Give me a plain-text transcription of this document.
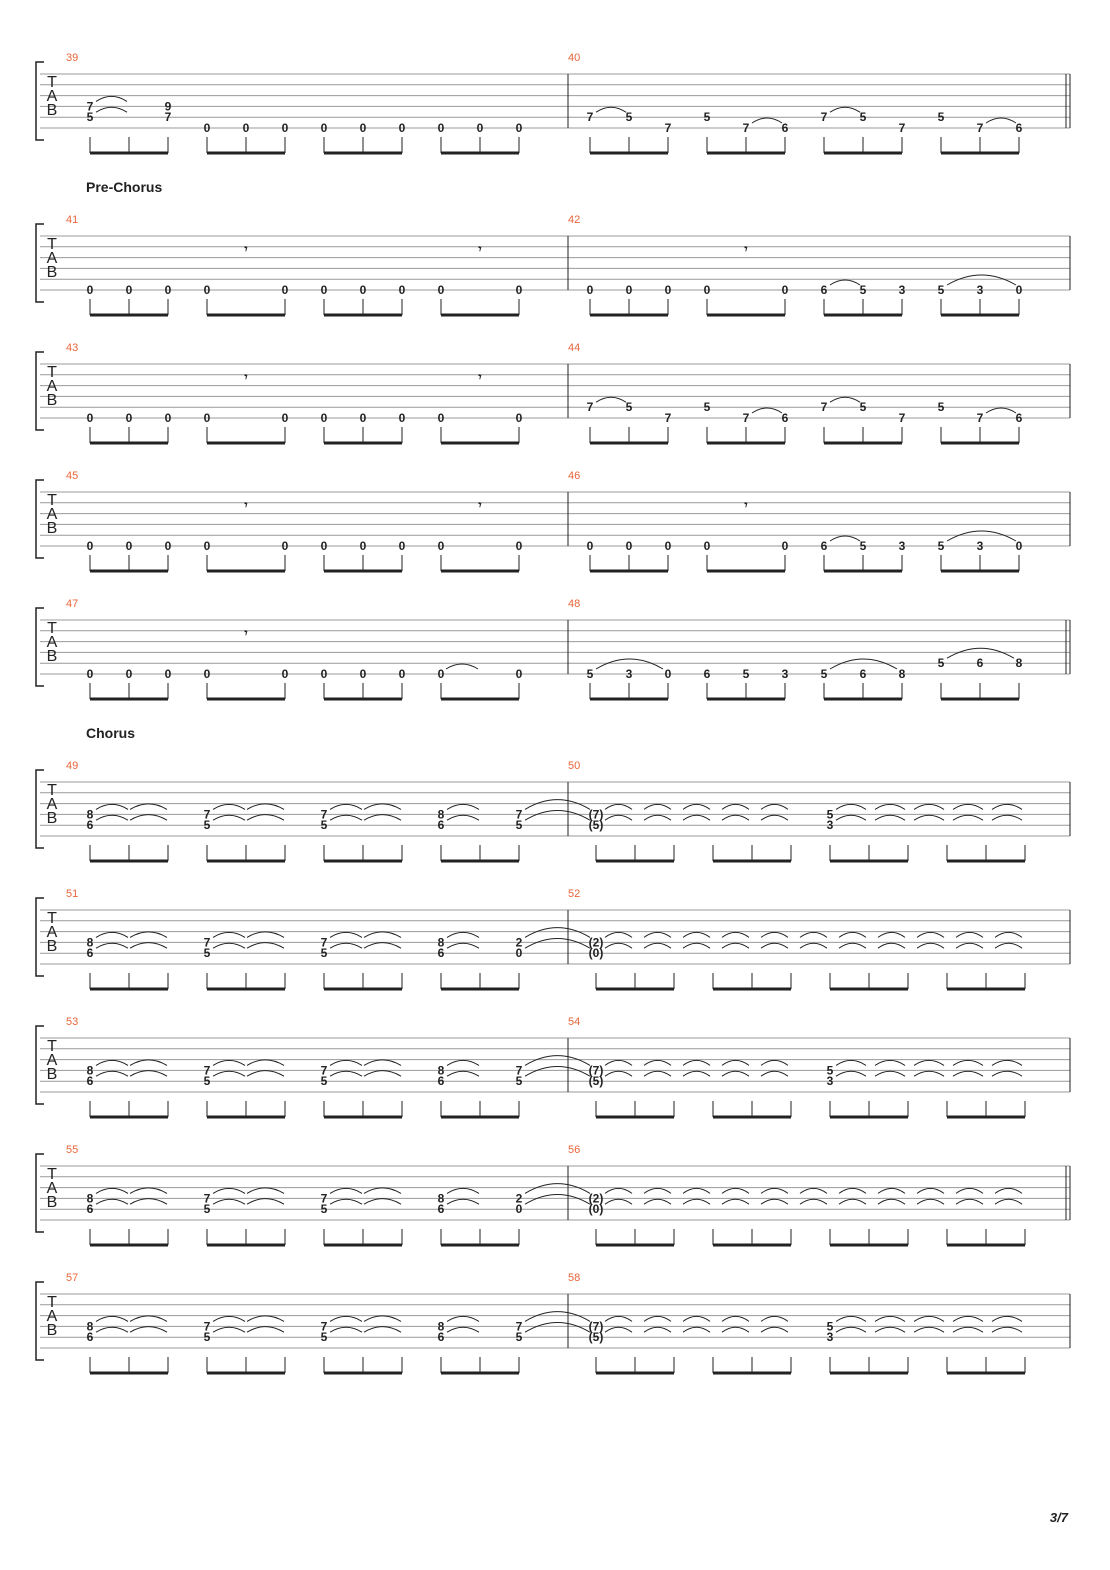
3/7
T
A
B
39	40
Pre-Chorus
T
A
B
41	42
T
A
B
43	44
T
A
B
45	46
T
A
B
47	48
Chorus
T
A
B
49	50
T
A
B
51	52
T
A
B
53	54
T
A
B
55	56
T
A
B
57	58
7
5
9
7
0	0	0	0	0	0	0	0	0
7	5
7
5
7	6
7	5
7
5
7	6
0	0	0	0
𝄾
0	0	0	0	0
𝄾
0	0	0	0	0
𝄾
0	6	5	3	5	3	0
0	0	0	0
𝄾
0	0	0	0	0
𝄾
0
7	5
7
5
7	6
7	5
7
5
7	6
0	0	0	0
𝄾
0	0	0	0	0
𝄾
0	0	0	0	0
𝄾
0	6	5	3	5	3	0
0	0	0	0
𝄾
0	0	0	0	0	0	5	3	0	6	5	3	5	6	8
5	6	8
8
6
7
5
7
5
8
6
7
5
(7)
(5)
5
3
8
6
7
5
7
5
8
6
2
0
(2)
(0)
8
6
7
5
7
5
8
6
7
5
(7)
(5)
5
3
8
6
7
5
7
5
8
6
2
0
(2)
(0)
8
6
7
5
7
5
8
6
7
5
(7)
(5)
5
3
